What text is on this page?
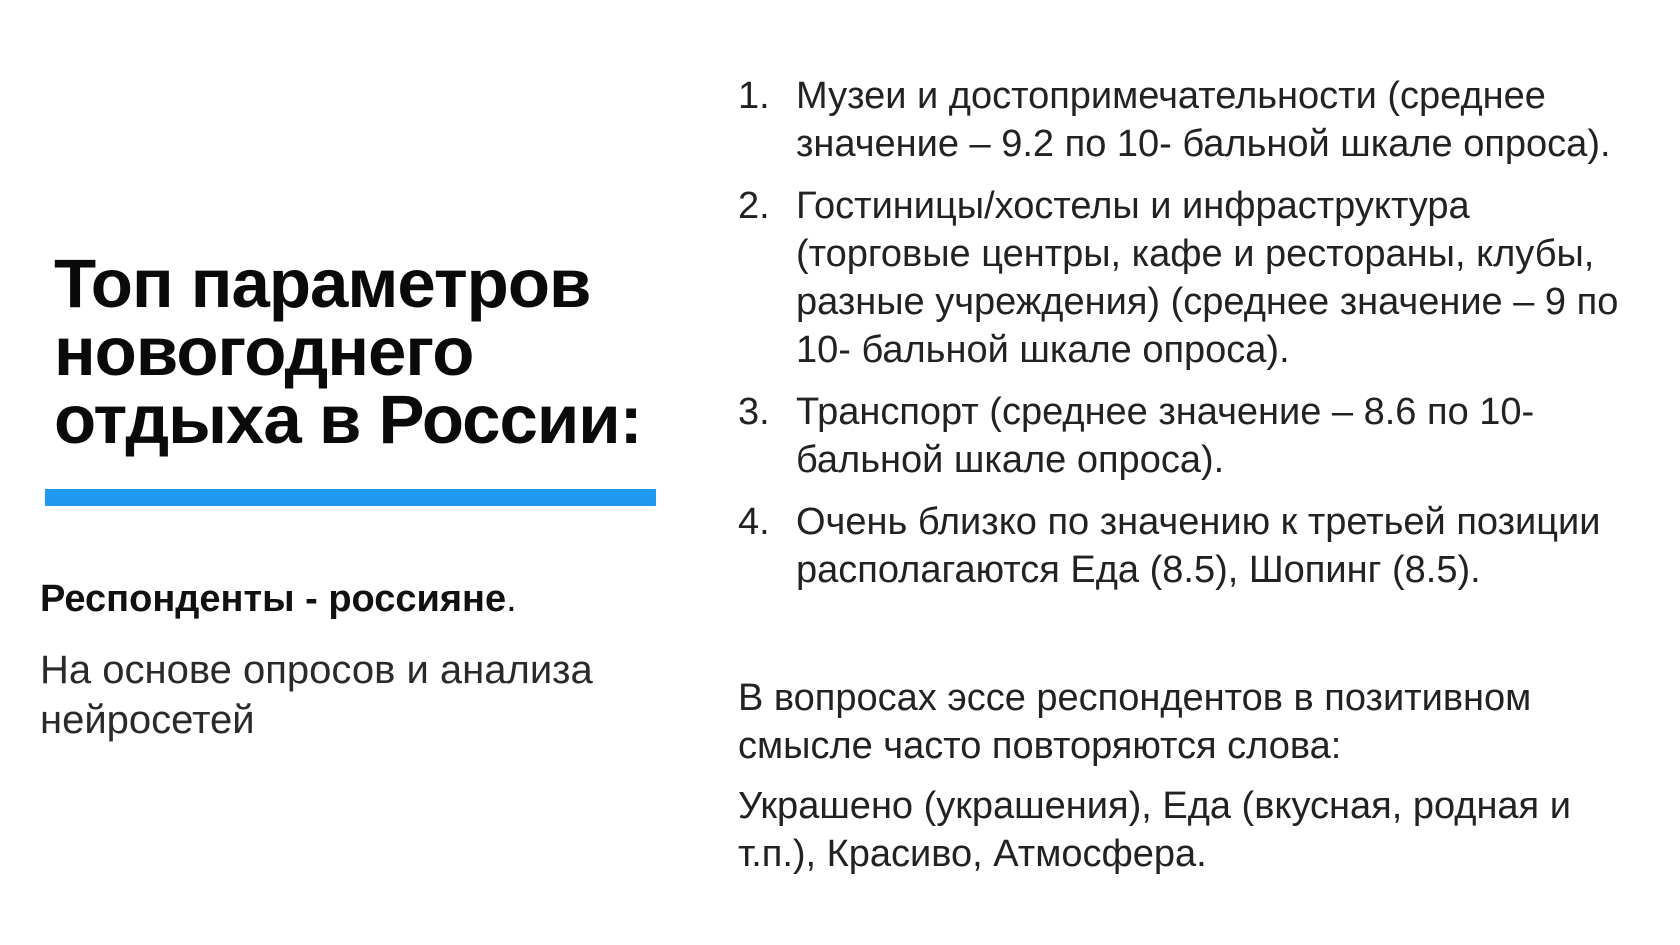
Топ параметров
новогоднего
отдыха в России:
Респонденты - россияне.
На основе опросов и анализа нейросетей
1. Музеи и достопримечательности (среднее значение – 9.2 по 10- бальной шкале опроса).
2. Гостиницы/хостелы и инфраструктура (торговые центры, кафе и рестораны, клубы, разные учреждения) (среднее значение – 9 по 10- бальной шкале опроса).
3. Транспорт (среднее значение – 8.6 по 10- бальной шкале опроса).
4. Очень близко по значению к третьей позиции располагаются Еда (8.5), Шопинг (8.5).

В вопросах эссе респондентов в позитивном смысле часто повторяются слова:

Украшено (украшения), Еда (вкусная, родная и т.п.), Красиво, Атмосфера.
